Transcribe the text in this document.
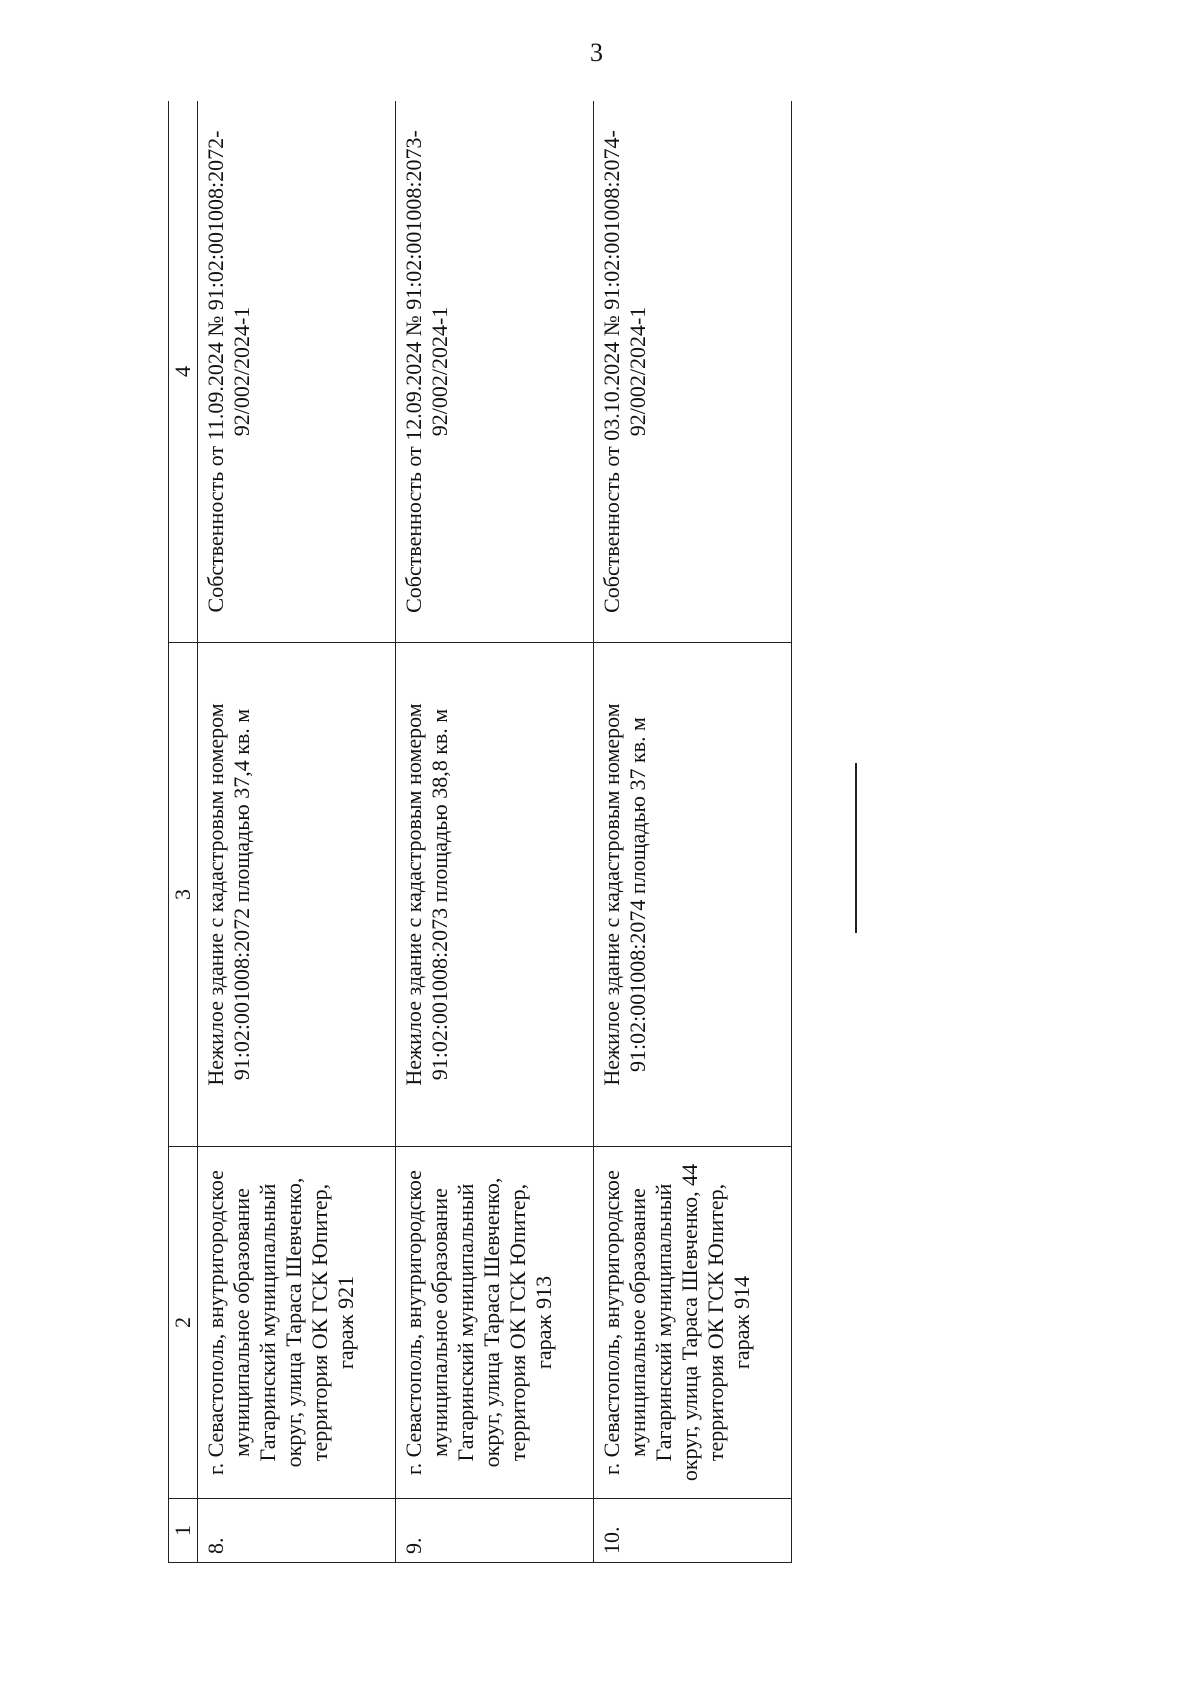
3
1	2	3	4
8.	г. Севастополь, внутригородское муниципальное образование Гагаринский муниципальный округ, улица Тараса Шевченко, территория ОК ГСК Юпитер, гараж 921	Нежилое здание с кадастровым номером 91:02:001008:2072 площадью 37,4 кв. м	Собственность от 11.09.2024 № 91:02:001008:2072-92/002/2024-1
9.	г. Севастополь, внутригородское муниципальное образование Гагаринский муниципальный округ, улица Тараса Шевченко, территория ОК ГСК Юпитер, гараж 913	Нежилое здание с кадастровым номером 91:02:001008:2073 площадью 38,8 кв. м	Собственность от 12.09.2024 № 91:02:001008:2073-92/002/2024-1
10.	г. Севастополь, внутригородское муниципальное образование Гагаринский муниципальный округ, улица Тараса Шевченко, 44 территория ОК ГСК Юпитер, гараж 914	Нежилое здание с кадастровым номером 91:02:001008:2074 площадью 37 кв. м	Собственность от 03.10.2024 № 91:02:001008:2074-92/002/2024-1
